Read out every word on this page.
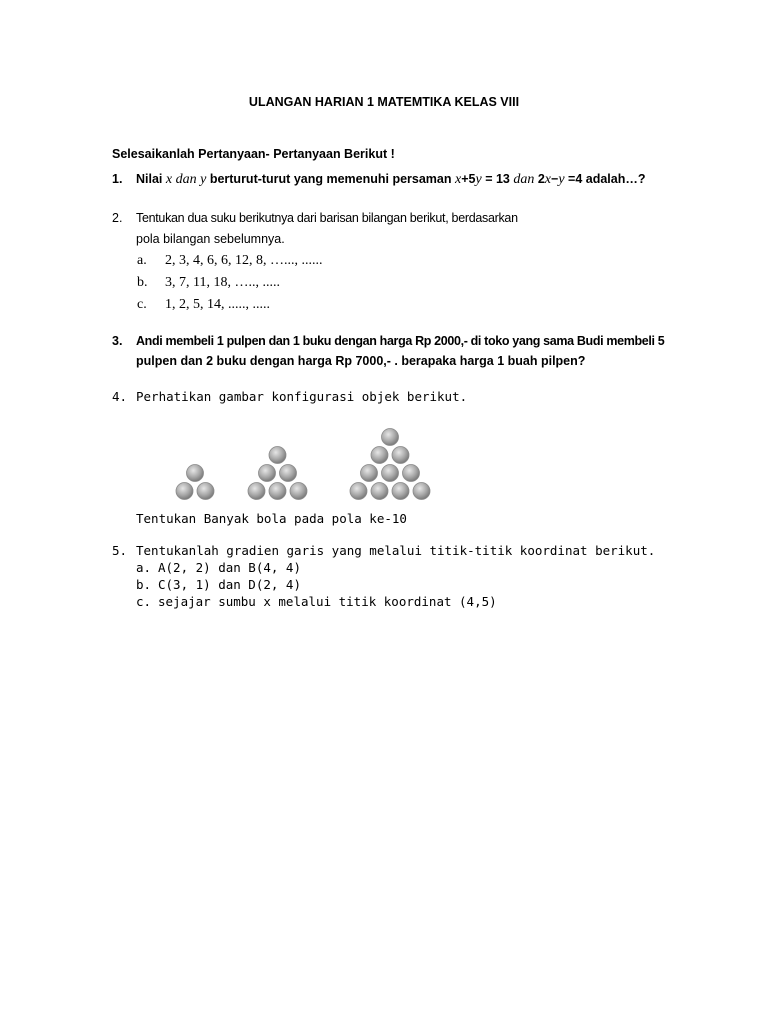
ULANGAN HARIAN 1 MATEMTIKA KELAS VIII
Selesaikanlah Pertanyaan- Pertanyaan Berikut !
1. Nilai x dan y berturut-turut yang memenuhi persaman x+5y = 13 dan 2x−y =4 adalah…?
2. Tentukan dua suku berikutnya dari barisan bilangan berikut, berdasarkan
pola bilangan sebelumnya.
a. 2, 3, 4, 6, 6, 12, 8, …..., ......
b. 3, 7, 11, 18, ….., .....
c. 1, 2, 5, 14, ....., .....
3. Andi membeli 1 pulpen dan 1 buku dengan harga Rp 2000,- di toko yang sama Budi membeli 5
pulpen dan 2 buku dengan harga Rp 7000,- . berapaka harga 1 buah pilpen?
4. Perhatikan gambar konfigurasi objek berikut.
Tentukan Banyak bola pada pola ke-10
5. Tentukanlah gradien garis yang melalui titik-titik koordinat berikut.
a. A(2, 2) dan B(4, 4)
b. C(3, 1) dan D(2, 4)
c. sejajar sumbu x melalui titik koordinat (4,5)
